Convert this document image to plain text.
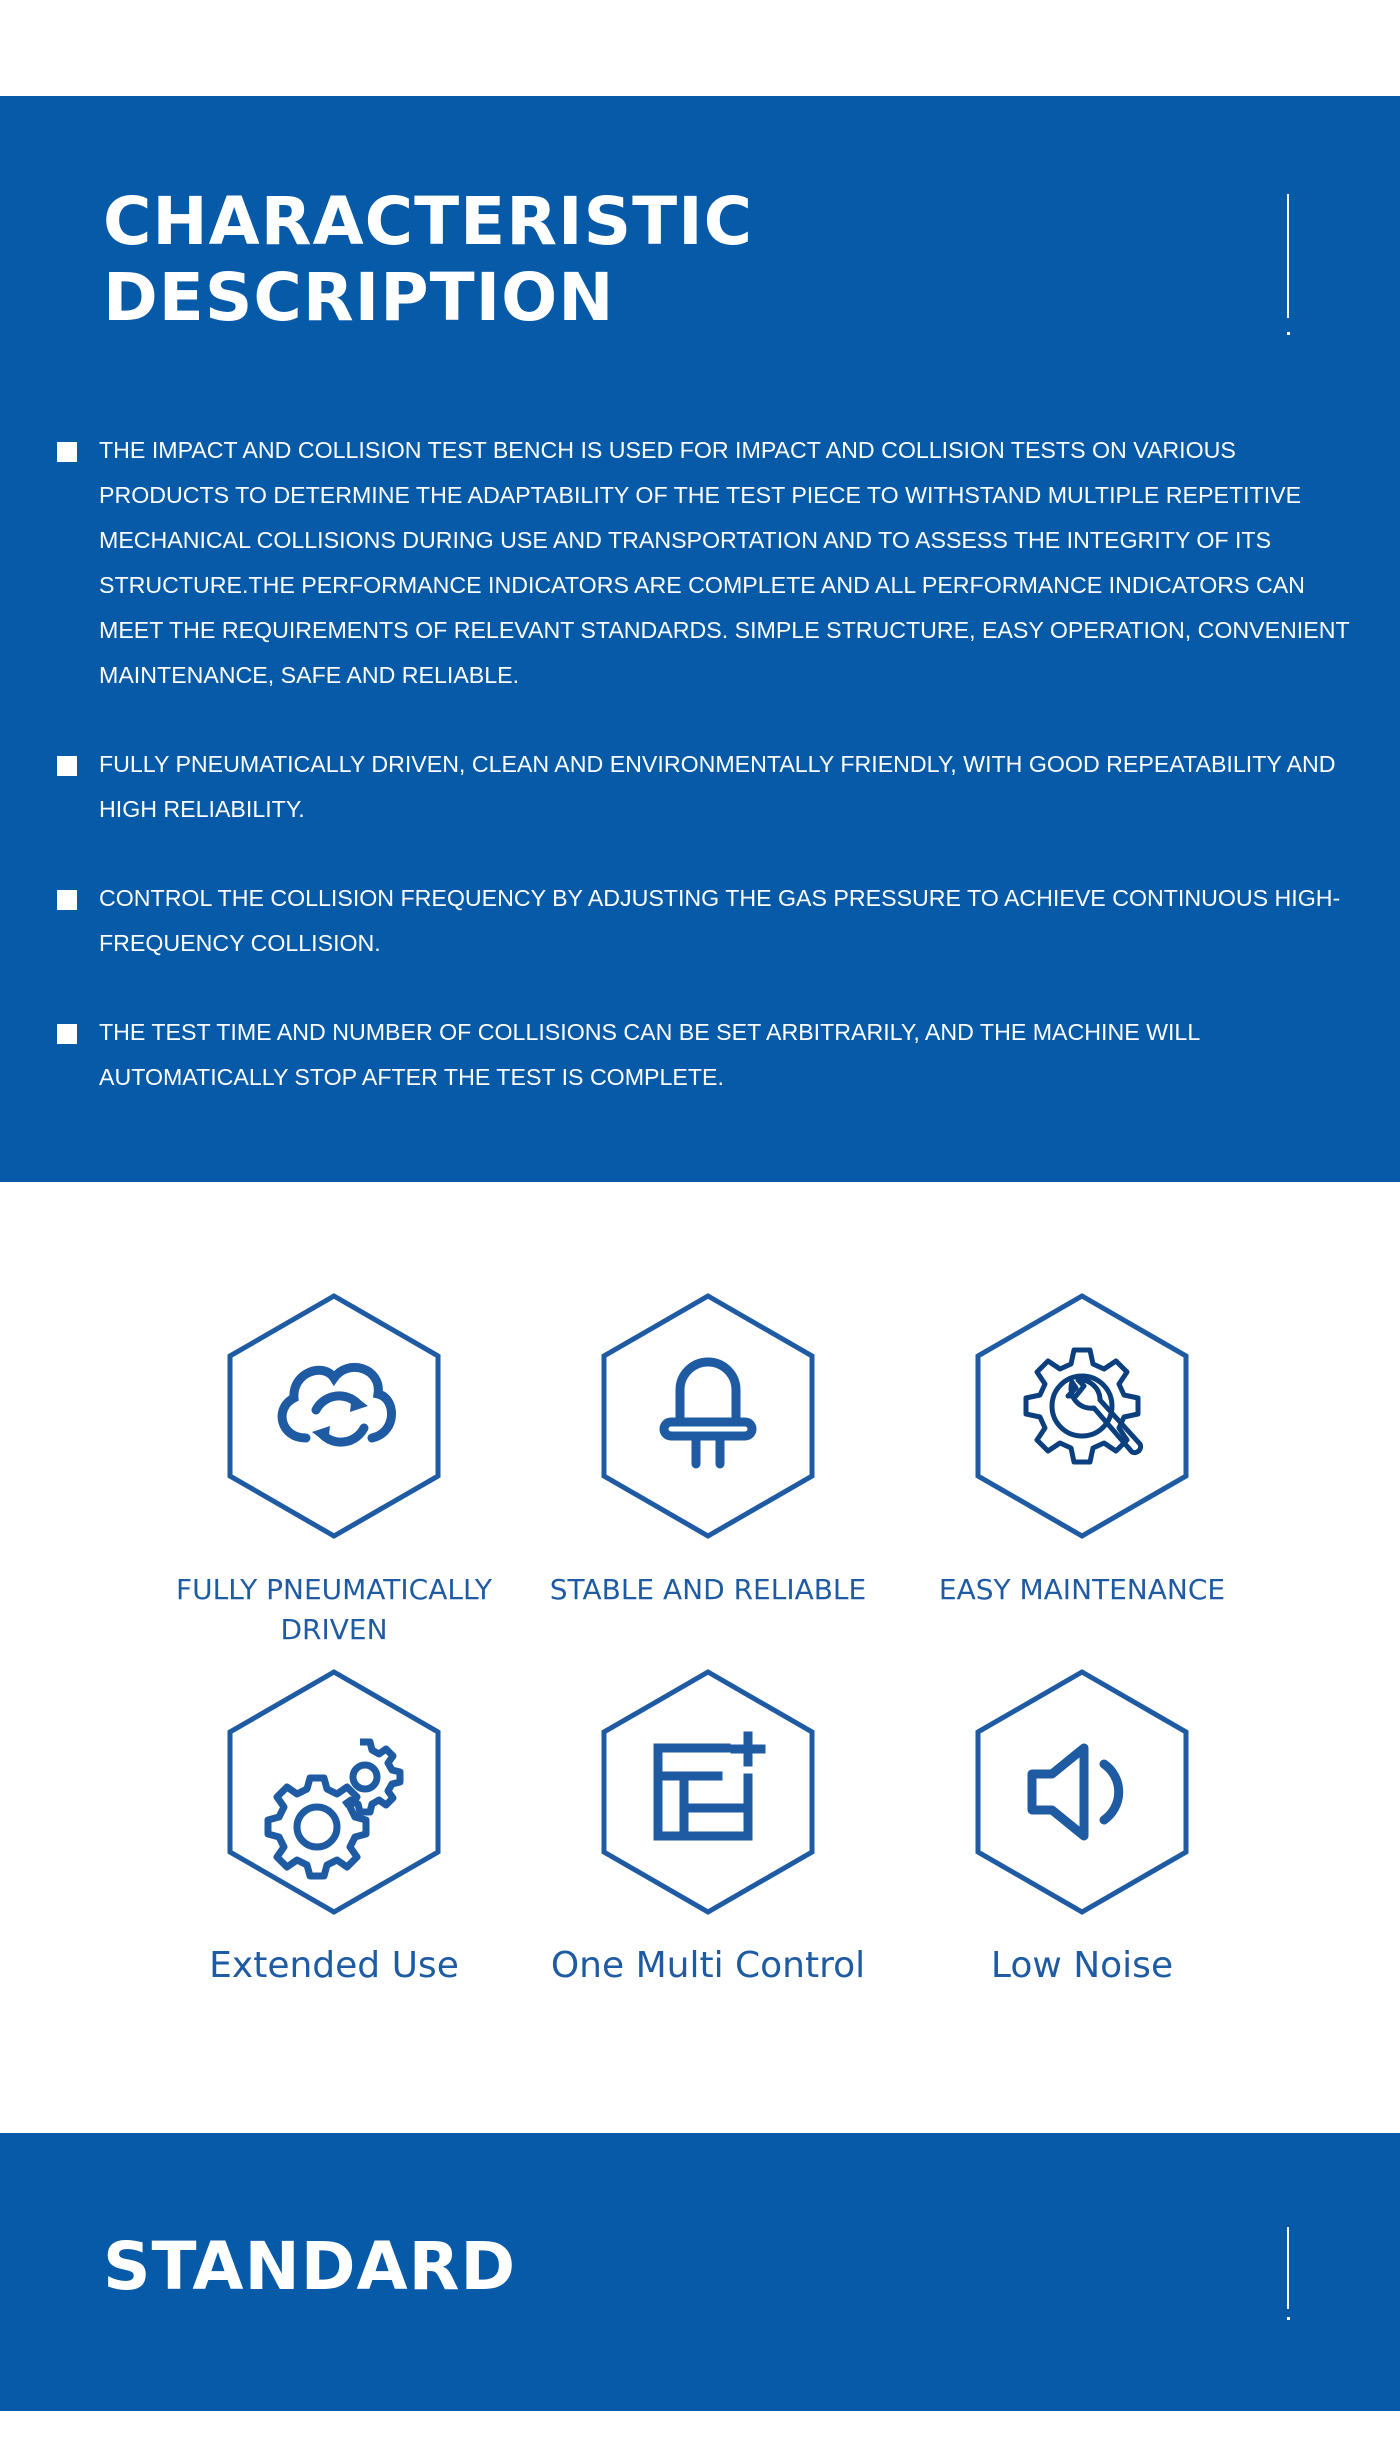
CHARACTERISTIC DESCRIPTION

THE IMPACT AND COLLISION TEST BENCH IS USED FOR IMPACT AND COLLISION TESTS ON VARIOUS PRODUCTS TO DETERMINE THE ADAPTABILITY OF THE TEST PIECE TO WITHSTAND MULTIPLE REPETITIVE MECHANICAL COLLISIONS DURING USE AND TRANSPORTATION AND TO ASSESS THE INTEGRITY OF ITS STRUCTURE.THE PERFORMANCE INDICATORS ARE COMPLETE AND ALL PERFORMANCE INDICATORS CAN MEET THE REQUIREMENTS OF RELEVANT STANDARDS. SIMPLE STRUCTURE, EASY OPERATION, CONVENIENT MAINTENANCE, SAFE AND RELIABLE.

FULLY PNEUMATICALLY DRIVEN, CLEAN AND ENVIRONMENTALLY FRIENDLY, WITH GOOD REPEATABILITY AND HIGH RELIABILITY.

CONTROL THE COLLISION FREQUENCY BY ADJUSTING THE GAS PRESSURE TO ACHIEVE CONTINUOUS HIGH-FREQUENCY COLLISION.

THE TEST TIME AND NUMBER OF COLLISIONS CAN BE SET ARBITRARILY, AND THE MACHINE WILL AUTOMATICALLY STOP AFTER THE TEST IS COMPLETE.

FULLY PNEUMATICALLY DRIVEN
STABLE AND RELIABLE	EASY MAINTENANCE
Extended Use	One Multi Control	Low Noise
STANDARD
